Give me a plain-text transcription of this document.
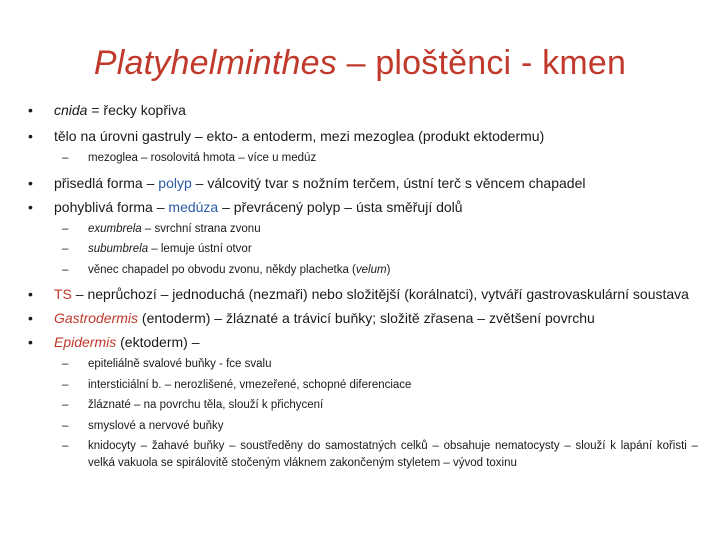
Platyhelminthes – ploštěnci - kmen
• cnida = řecky kopřiva
• tělo na úrovni gastruly – ekto- a entoderm, mezi mezoglea (produkt ektodermu)
– mezoglea – rosolovitá hmota – více u medúz
• přisedlá forma – polyp – válcovitý tvar s nožním terčem, ústní terč s věncem chapadel
• pohyblivá forma – medúza – převrácený polyp – ústa směřují dolů
– exumbrela – svrchní strana zvonu
– subumbrela – lemuje ústní otvor
– věnec chapadel po obvodu zvonu, někdy plachetka (velum)
• TS – neprůchozí – jednoduchá (nezmaři) nebo složitější (korálnatci), vytváří gastrovaskulární soustava
• Gastrodermis (entoderm) – žláznaté a trávicí buňky; složitě zřasena – zvětšení povrchu
• Epidermis (ektoderm) –
– epiteliálně svalové buňky - fce svalu
– intersticiální b. – nerozlišené, vmezeřené, schopné diferenciace
– žláznaté – na povrchu těla, slouží k přichycení
– smyslové a nervové buňky
– knidocyty – žahavé buňky – soustředěny do samostatných celků – obsahuje nematocysty – slouží k lapání kořisti – velká vakuola se spirálovitě stočeným vláknem zakončeným styletem – vývod toxinu
